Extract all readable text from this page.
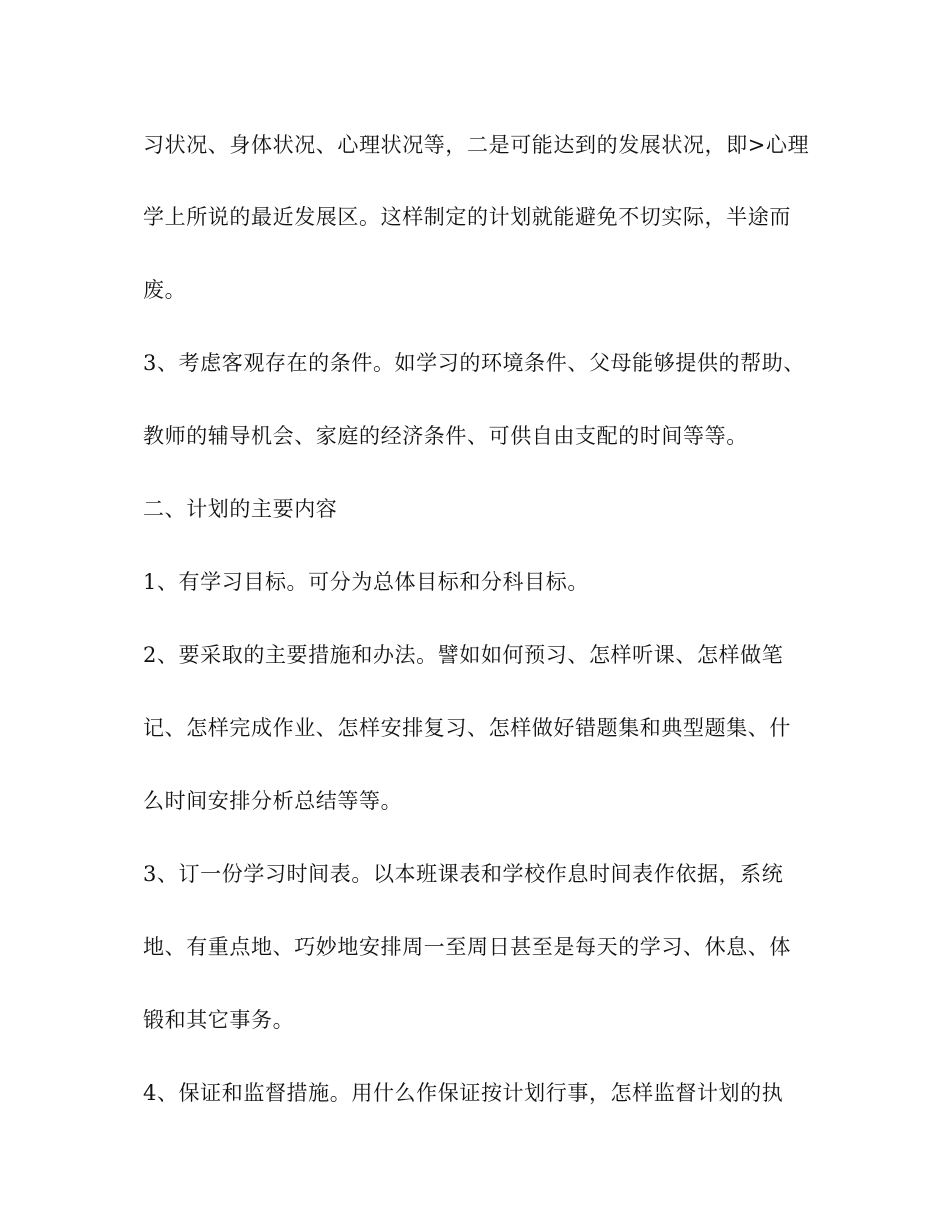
习状况、身体状况、心理状况等，二是可能达到的发展状况，即>心理
学上所说的最近发展区。这样制定的计划就能避免不切实际，半途而
废。
3、考虑客观存在的条件。如学习的环境条件、父母能够提供的帮助、
教师的辅导机会、家庭的经济条件、可供自由支配的时间等等。
二、计划的主要内容
1、有学习目标。可分为总体目标和分科目标。
2、要采取的主要措施和办法。譬如如何预习、怎样听课、怎样做笔
记、怎样完成作业、怎样安排复习、怎样做好错题集和典型题集、什
么时间安排分析总结等等。
3、订一份学习时间表。以本班课表和学校作息时间表作依据，系统
地、有重点地、巧妙地安排周一至周日甚至是每天的学习、休息、体
锻和其它事务。
4、保证和监督措施。用什么作保证按计划行事，怎样监督计划的执
